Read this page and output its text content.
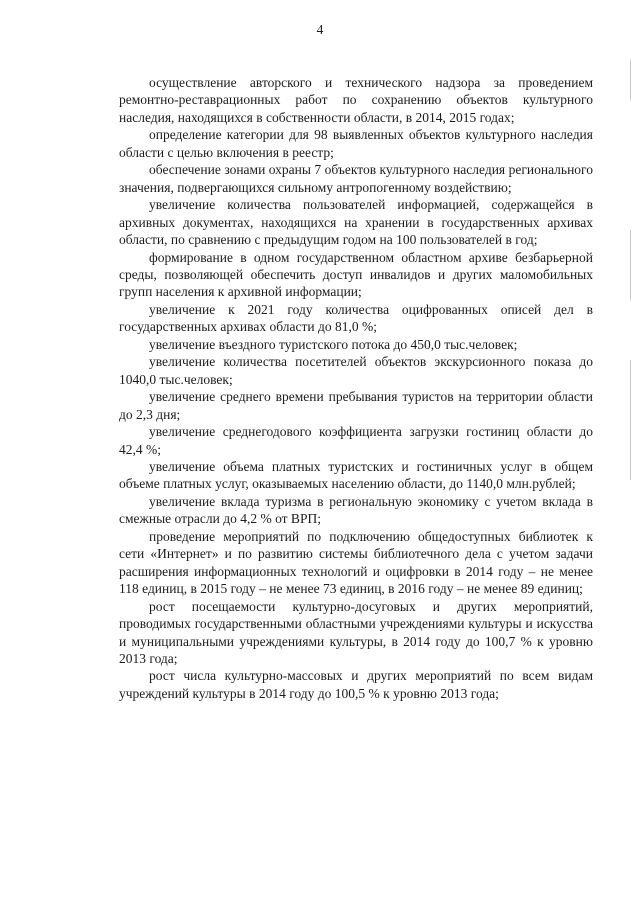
4

осуществление авторского и технического надзора за проведением ремонтно-реставрационных работ по сохранению объектов культурного наследия, находящихся в собственности области, в 2014, 2015 годах;

определение категории для 98 выявленных объектов культурного наследия области с целью включения в реестр;

обеспечение зонами охраны 7 объектов культурного наследия регионального значения, подвергающихся сильному антропогенному воздействию;

увеличение количества пользователей информацией, содержащейся в архивных документах, находящихся на хранении в государственных архивах области, по сравнению с предыдущим годом на 100 пользователей в год;

формирование в одном государственном областном архиве безбарьерной среды, позволяющей обеспечить доступ инвалидов и других маломобильных групп населения к архивной информации;

увеличение к 2021 году количества оцифрованных описей дел в государственных архивах области до 81,0 %;

увеличение въездного туристского потока до 450,0 тыс.человек;

увеличение количества посетителей объектов экскурсионного показа до 1040,0 тыс.человек;

увеличение среднего времени пребывания туристов на территории области до 2,3 дня;

увеличение среднегодового коэффициента загрузки гостиниц области до 42,4 %;

увеличение объема платных туристских и гостиничных услуг в общем объеме платных услуг, оказываемых населению области, до 1140,0 млн.рублей;

увеличение вклада туризма в региональную экономику с учетом вклада в смежные отрасли до 4,2 % от ВРП;

проведение мероприятий по подключению общедоступных библиотек к сети «Интернет» и по развитию системы библиотечного дела с учетом задачи расширения информационных технологий и оцифровки в 2014 году – не менее 118 единиц, в 2015 году – не менее 73 единиц, в 2016 году – не менее 89 единиц;

рост посещаемости культурно-досуговых и других мероприятий, проводимых государственными областными учреждениями культуры и искусства и муниципальными учреждениями культуры, в 2014 году до 100,7 % к уровню 2013 года;

рост числа культурно-массовых и других мероприятий по всем видам учреждений культуры в 2014 году до 100,5 % к уровню 2013 года;
